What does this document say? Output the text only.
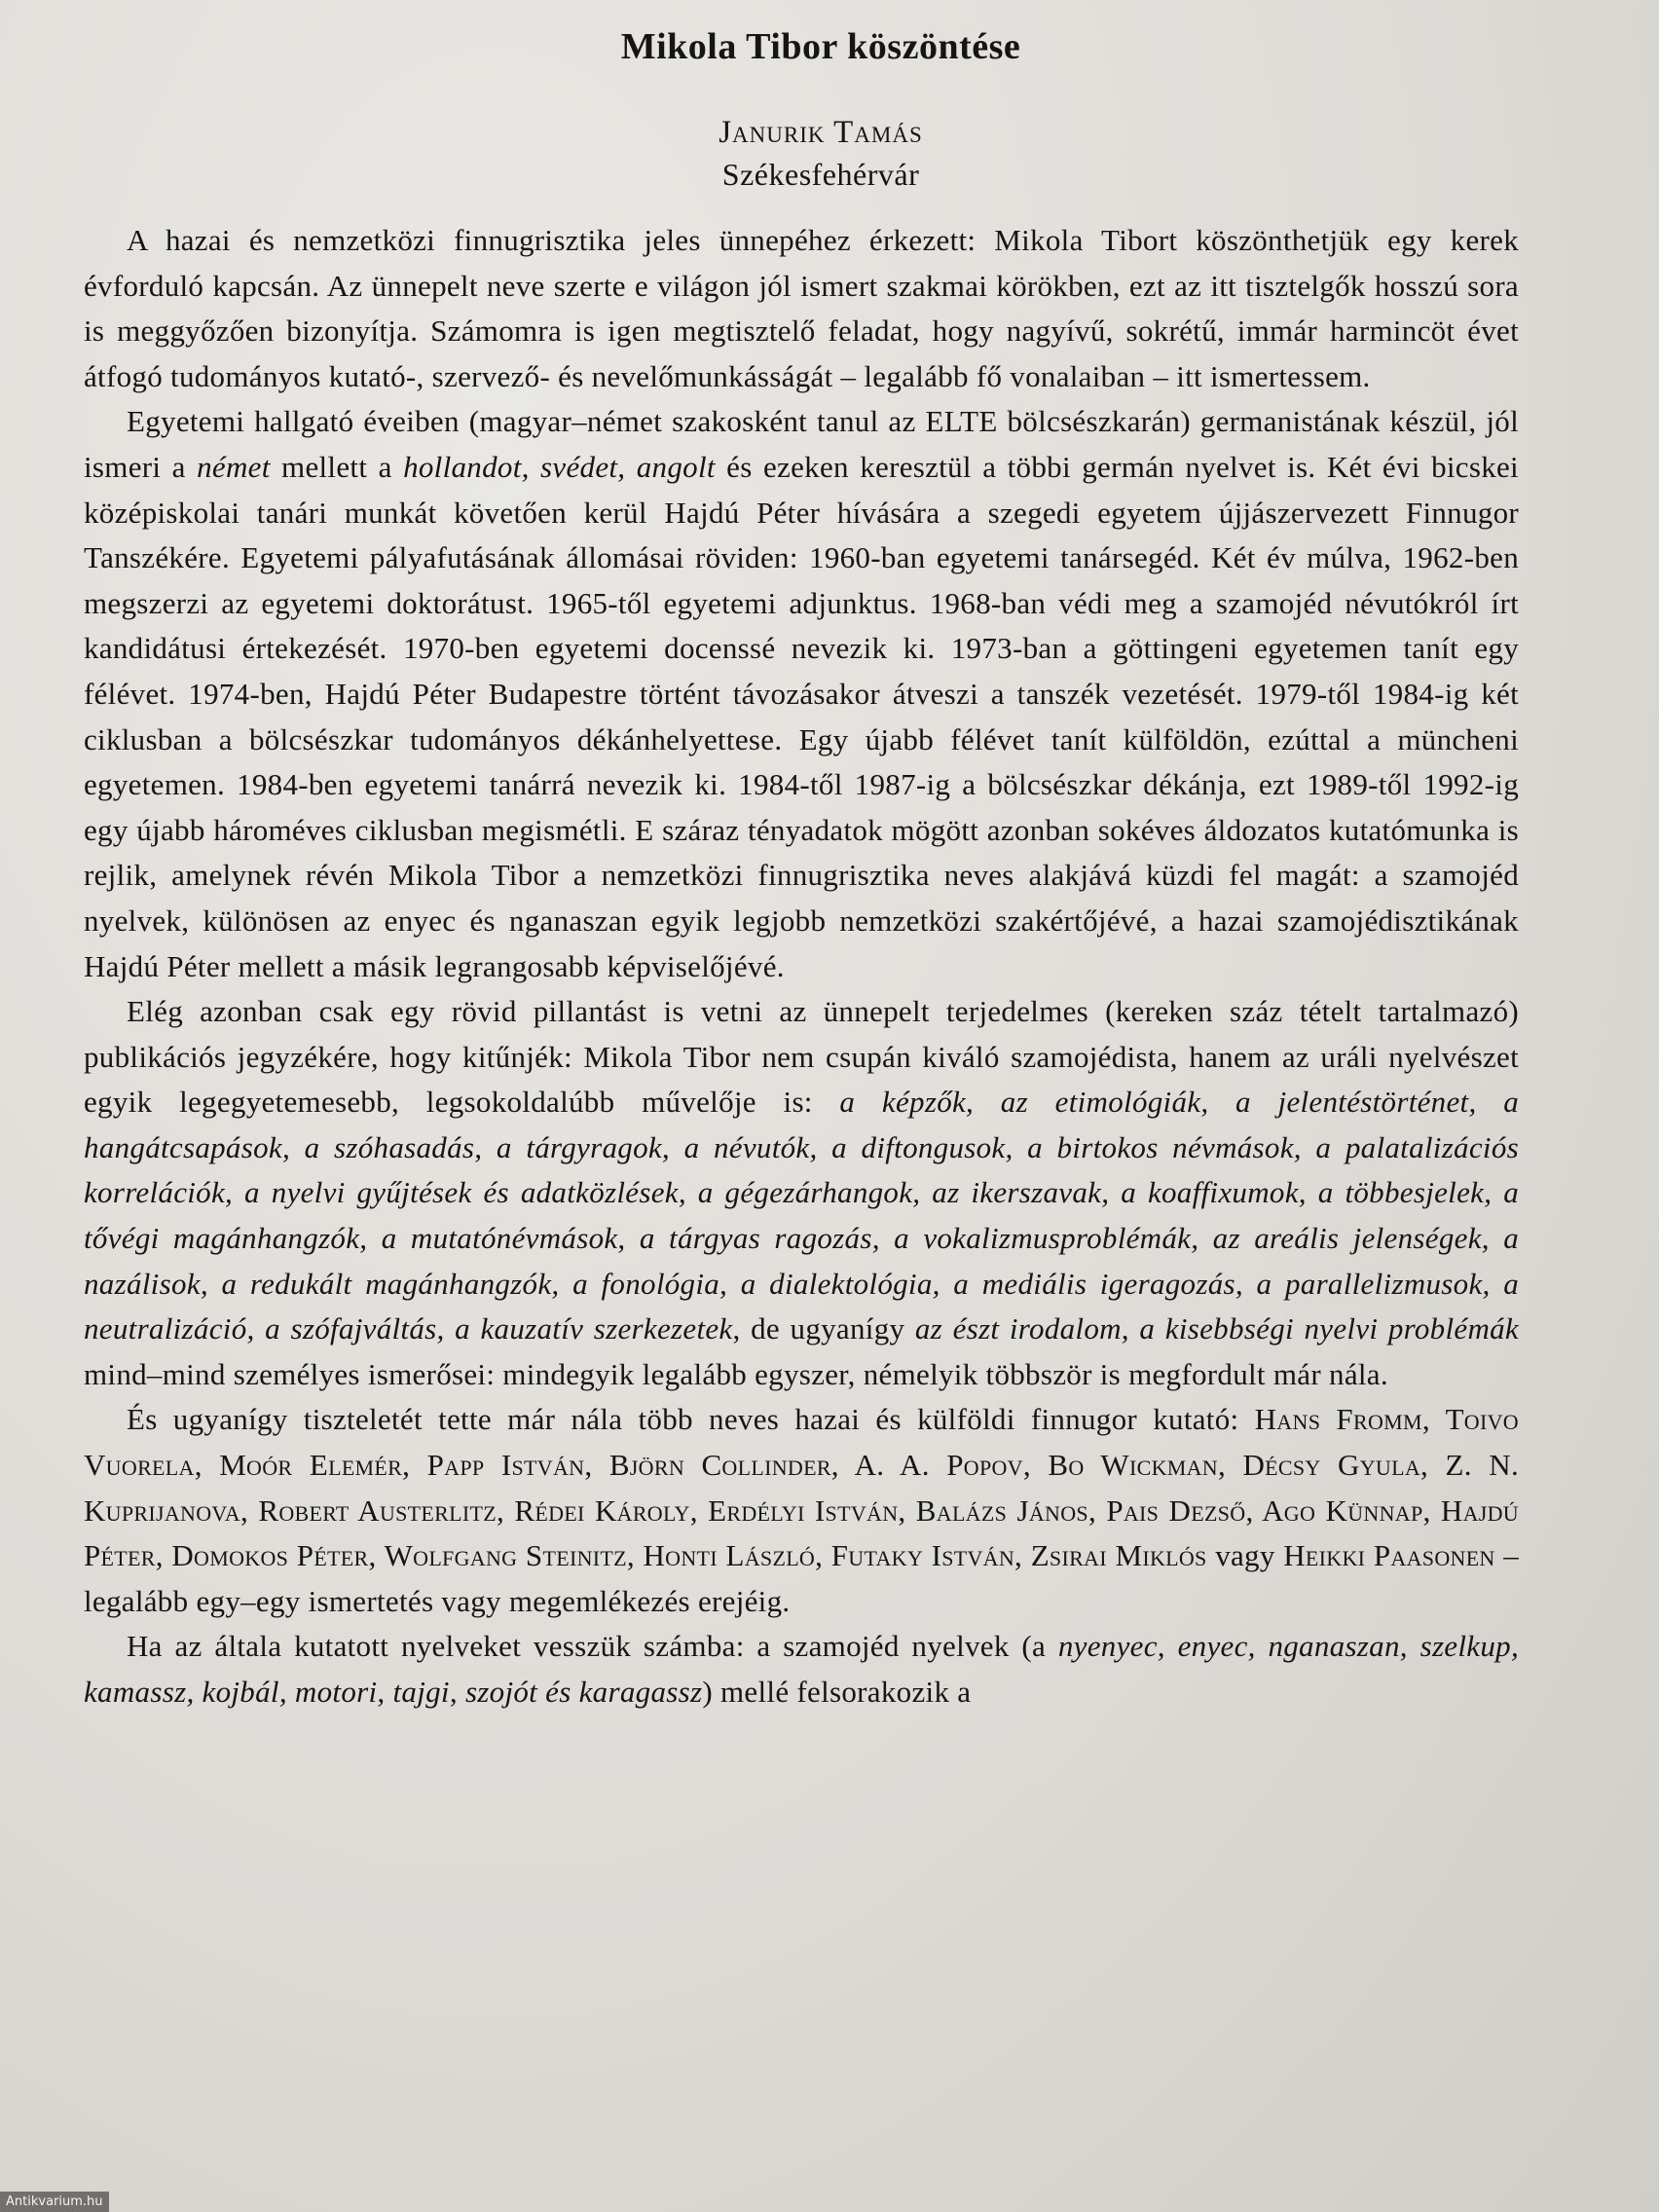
Mikola Tibor köszöntése
Janurik Tamás
Székesfehérvár

A hazai és nemzetközi finnugrisztika jeles ünnepéhez érkezett: Mikola Tibort köszönthetjük egy kerek évforduló kapcsán. Az ünnepelt neve szerte e világon jól ismert szakmai körökben, ezt az itt tisztelgők hosszú sora is meggyőzően bizonyítja. Számomra is igen megtisztelő feladat, hogy nagyívű, sokrétű, immár harmincöt évet átfogó tudományos kutató-, szervező- és nevelőmunkásságát – legalább fő vonalaiban – itt ismertessem.

Egyetemi hallgató éveiben (magyar–német szakosként tanul az ELTE bölcsészkarán) germanistának készül, jól ismeri a német mellett a hollandot, svédet, angolt és ezeken keresztül a többi germán nyelvet is. Két évi bicskei középiskolai tanári munkát követően kerül Hajdú Péter hívására a szegedi egyetem újjászervezett Finnugor Tanszékére. Egyetemi pályafutásának állomásai röviden: 1960-ban egyetemi tanársegéd. Két év múlva, 1962-ben megszerzi az egyetemi doktorátust. 1965-től egyetemi adjunktus. 1968-ban védi meg a szamojéd névutókról írt kandidátusi értekezését. 1970-ben egyetemi docenssé nevezik ki. 1973-ban a göttingeni egyetemen tanít egy félévet. 1974-ben, Hajdú Péter Budapestre történt távozásakor átveszi a tanszék vezetését. 1979-től 1984-ig két ciklusban a bölcsészkar tudományos dékánhelyettese. Egy újabb félévet tanít külföldön, ezúttal a müncheni egyetemen. 1984-ben egyetemi tanárrá nevezik ki. 1984-től 1987-ig a bölcsészkar dékánja, ezt 1989-től 1992-ig egy újabb hároméves ciklusban megismétli. E száraz tényadatok mögött azonban sokéves áldozatos kutatómunka is rejlik, amelynek révén Mikola Tibor a nemzetközi finnugrisztika neves alakjává küzdi fel magát: a szamojéd nyelvek, különösen az enyec és nganaszan egyik legjobb nemzetközi szakértőjévé, a hazai szamojédisztikának Hajdú Péter mellett a másik legrangosabb képviselőjévé.

Elég azonban csak egy rövid pillantást is vetni az ünnepelt terjedelmes (kereken száz tételt tartalmazó) publikációs jegyzékére, hogy kitűnjék: Mikola Tibor nem csupán kiváló szamojédista, hanem az uráli nyelvészet egyik legegyetemesebb, legsokoldalúbb művelője is: a képzők, az etimológiák, a jelentéstörténet, a hangátcsapások, a szóhasadás, a tárgyragok, a névutók, a diftongusok, a birtokos névmások, a palatalizációs korrelációk, a nyelvi gyűjtések és adatközlések, a gégezárhangok, az ikerszavak, a koaffixumok, a többesjelek, a tővégi magánhangzók, a mutatónévmások, a tárgyas ragozás, a vokalizmusproblémák, az areális jelenségek, a nazálisok, a redukált magánhangzók, a fonológia, a dialektológia, a mediális igeragozás, a parallelizmusok, a neutralizáció, a szófajváltás, a kauzatív szerkezetek, de ugyanígy az észt irodalom, a kisebbségi nyelvi problémák mind–mind személyes ismerősei: mindegyik legalább egyszer, némelyik többször is megfordult már nála.

És ugyanígy tiszteletét tette már nála több neves hazai és külföldi finnugor kutató: Hans Fromm, Toivo Vuorela, Moór Elemér, Papp István, Björn Collinder, A. A. Popov, Bo Wickman, Décsy Gyula, Z. N. Kuprijanova, Robert Austerlitz, Rédei Károly, Erdélyi István, Balázs János, Pais Dezső, Ago Künnap, Hajdú Péter, Domokos Péter, Wolfgang Steinitz, Honti László, Futaky István, Zsirai Miklós vagy Heikki Paasonen – legalább egy–egy ismertetés vagy megemlékezés erejéig.

Ha az általa kutatott nyelveket vesszük számba: a szamojéd nyelvek (a nyenyec, enyec, nganaszan, szelkup, kamassz, kojbál, motori, tajgi, szojót és karagassz) mellé felsorakozik a

Antikvarium.hu
